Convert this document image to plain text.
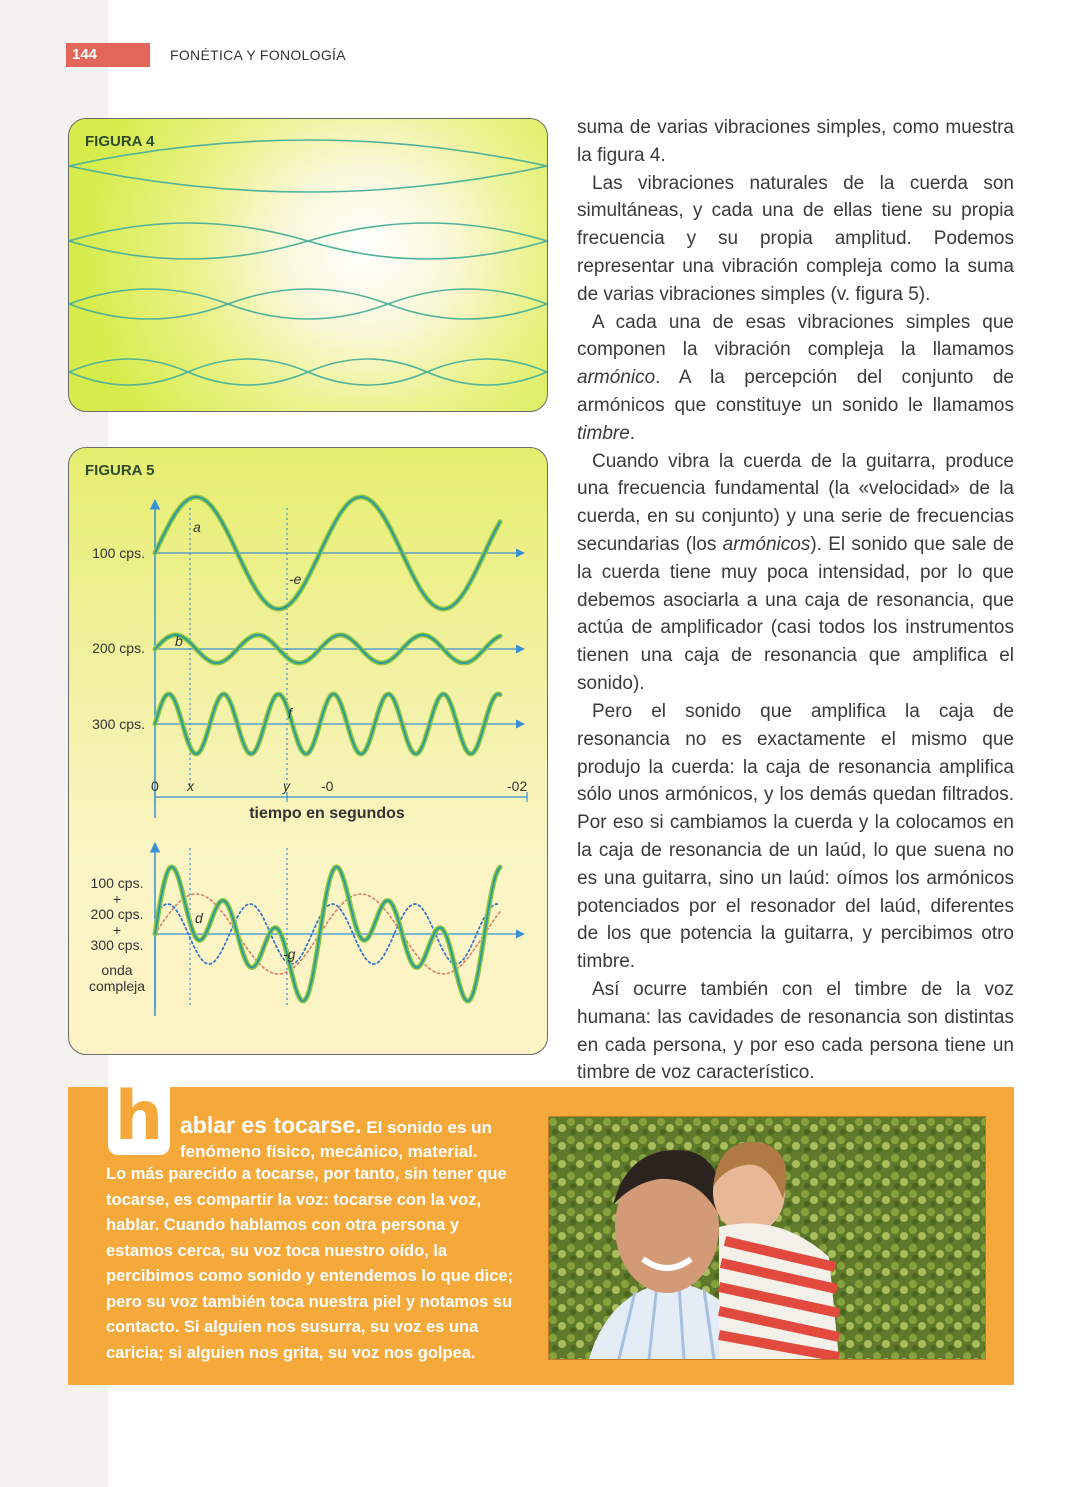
144	FONÉTICA Y FONOLOGÍA
FIGURA 4
100 cps.
200 cps.
300 cps.
a
-e
b
f
d
-g
0 x	y -0	-02
tiempo en segundos
100 cps.
+
200 cps.
+
300 cps.
onda
compleja
FIGURA 5

suma de varias vibraciones simples, como muestra la figura 4.

Las vibraciones naturales de la cuerda son simultáneas, y cada una de ellas tiene su propia frecuencia y su propia amplitud. Podemos representar una vibración compleja como la suma de varias vibraciones simples (v. figura 5).

A cada una de esas vibraciones simples que componen la vibración compleja la llamamos armónico. A la percepción del conjunto de armónicos que constituye un sonido le llamamos timbre.

Cuando vibra la cuerda de la guitarra, produce una frecuencia fundamental (la «velocidad» de la cuerda, en su conjunto) y una serie de frecuencias secundarias (los armónicos). El sonido que sale de la cuerda tiene muy poca intensidad, por lo que debemos asociarla a una caja de resonancia, que actúa de amplificador (casi todos los instrumentos tienen una caja de resonancia que amplifica el sonido).

Pero el sonido que amplifica la caja de resonancia no es exactamente el mismo que produjo la cuerda: la caja de resonancia amplifica sólo unos armónicos, y los demás quedan filtrados. Por eso si cambiamos la cuerda y la colocamos en la caja de resonancia de un laúd, lo que suena no es una guitarra, sino un laúd: oímos los armónicos potenciados por el resonador del laúd, diferentes de los que potencia la guitarra, y percibimos otro timbre.

Así ocurre también con el timbre de la voz humana: las cavidades de resonancia son distintas en cada persona, y por eso cada persona tiene un timbre de voz característico.

h ablar es tocarse. El sonido es un fenómeno físico, mecánico, material.
Lo más parecido a tocarse, por tanto, sin tener que tocarse, es compartir la voz: tocarse con la voz, hablar. Cuando hablamos con otra persona y estamos cerca, su voz toca nuestro oído, la percibimos como sonido y entendemos lo que dice; pero su voz también toca nuestra piel y notamos su contacto. Si alguien nos susurra, su voz es una caricia; si alguien nos grita, su voz nos golpea.
